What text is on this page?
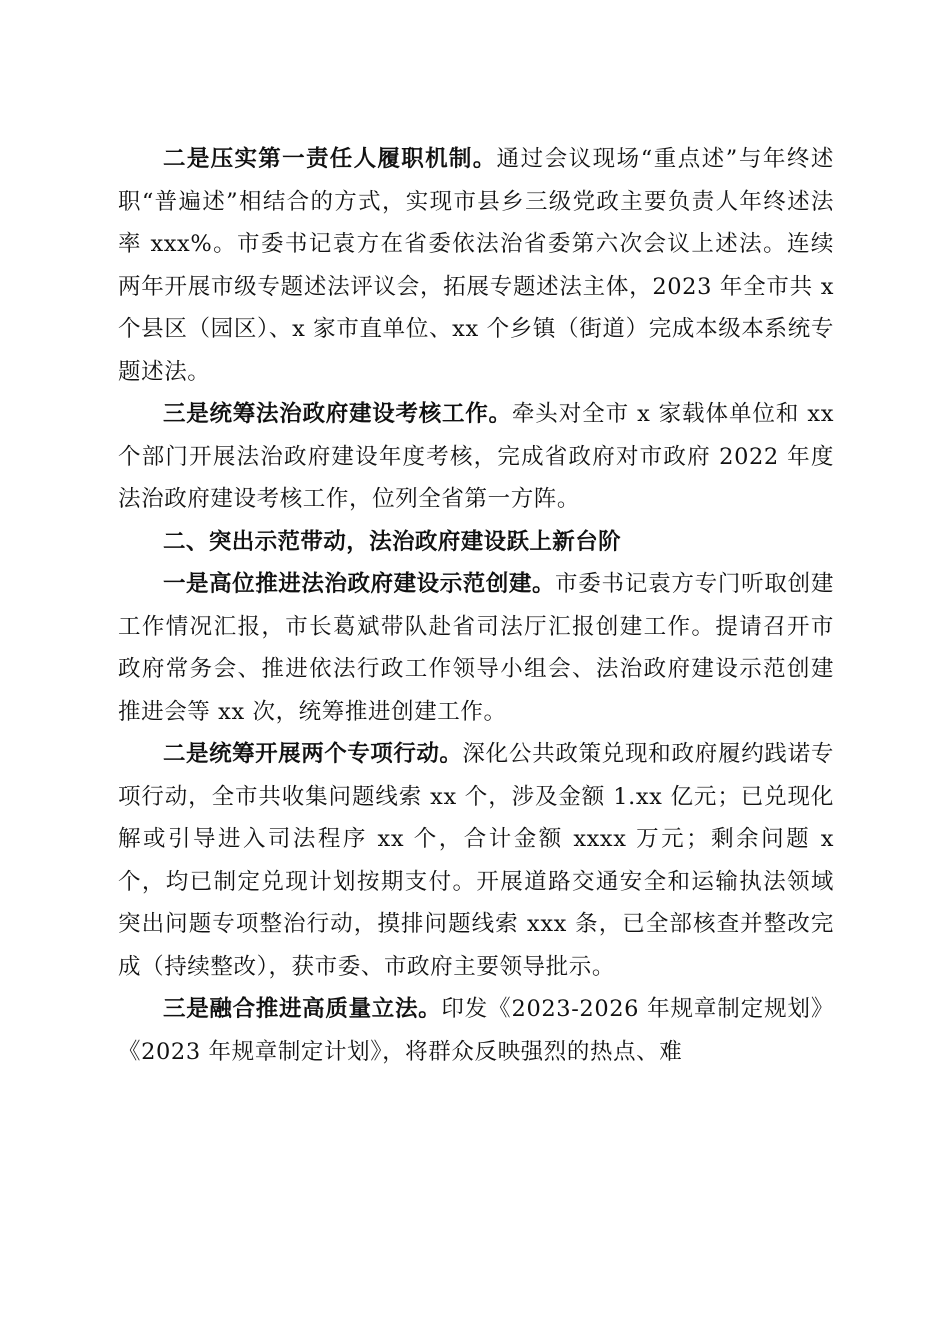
二是压实第一责任人履职机制。通过会议现场“重点述”与年终述职“普遍述”相结合的方式，实现市县乡三级党政主要负责人年终述法率 xxx%。市委书记袁方在省委依法治省委第六次会议上述法。连续两年开展市级专题述法评议会，拓展专题述法主体，2023 年全市共 x 个县区（园区）、x 家市直单位、xx 个乡镇（街道）完成本级本系统专题述法。

三是统筹法治政府建设考核工作。牵头对全市 x 家载体单位和 xx 个部门开展法治政府建设年度考核，完成省政府对市政府 2022 年度法治政府建设考核工作，位列全省第一方阵。

二、突出示范带动，法治政府建设跃上新台阶

一是高位推进法治政府建设示范创建。市委书记袁方专门听取创建工作情况汇报，市长葛斌带队赴省司法厅汇报创建工作。提请召开市政府常务会、推进依法行政工作领导小组会、法治政府建设示范创建推进会等 xx 次，统筹推进创建工作。

二是统筹开展两个专项行动。深化公共政策兑现和政府履约践诺专项行动，全市共收集问题线索 xx 个，涉及金额 1.xx 亿元；已兑现化解或引导进入司法程序 xx 个，合计金额 xxxx 万元；剩余问题 x 个，均已制定兑现计划按期支付。开展道路交通安全和运输执法领域突出问题专项整治行动，摸排问题线索 xxx 条，已全部核查并整改完成（持续整改），获市委、市政府主要领导批示。

三是融合推进高质量立法。印发《2023-2026 年规章制定规划》《2023 年规章制定计划》，将群众反映强烈的热点、难
